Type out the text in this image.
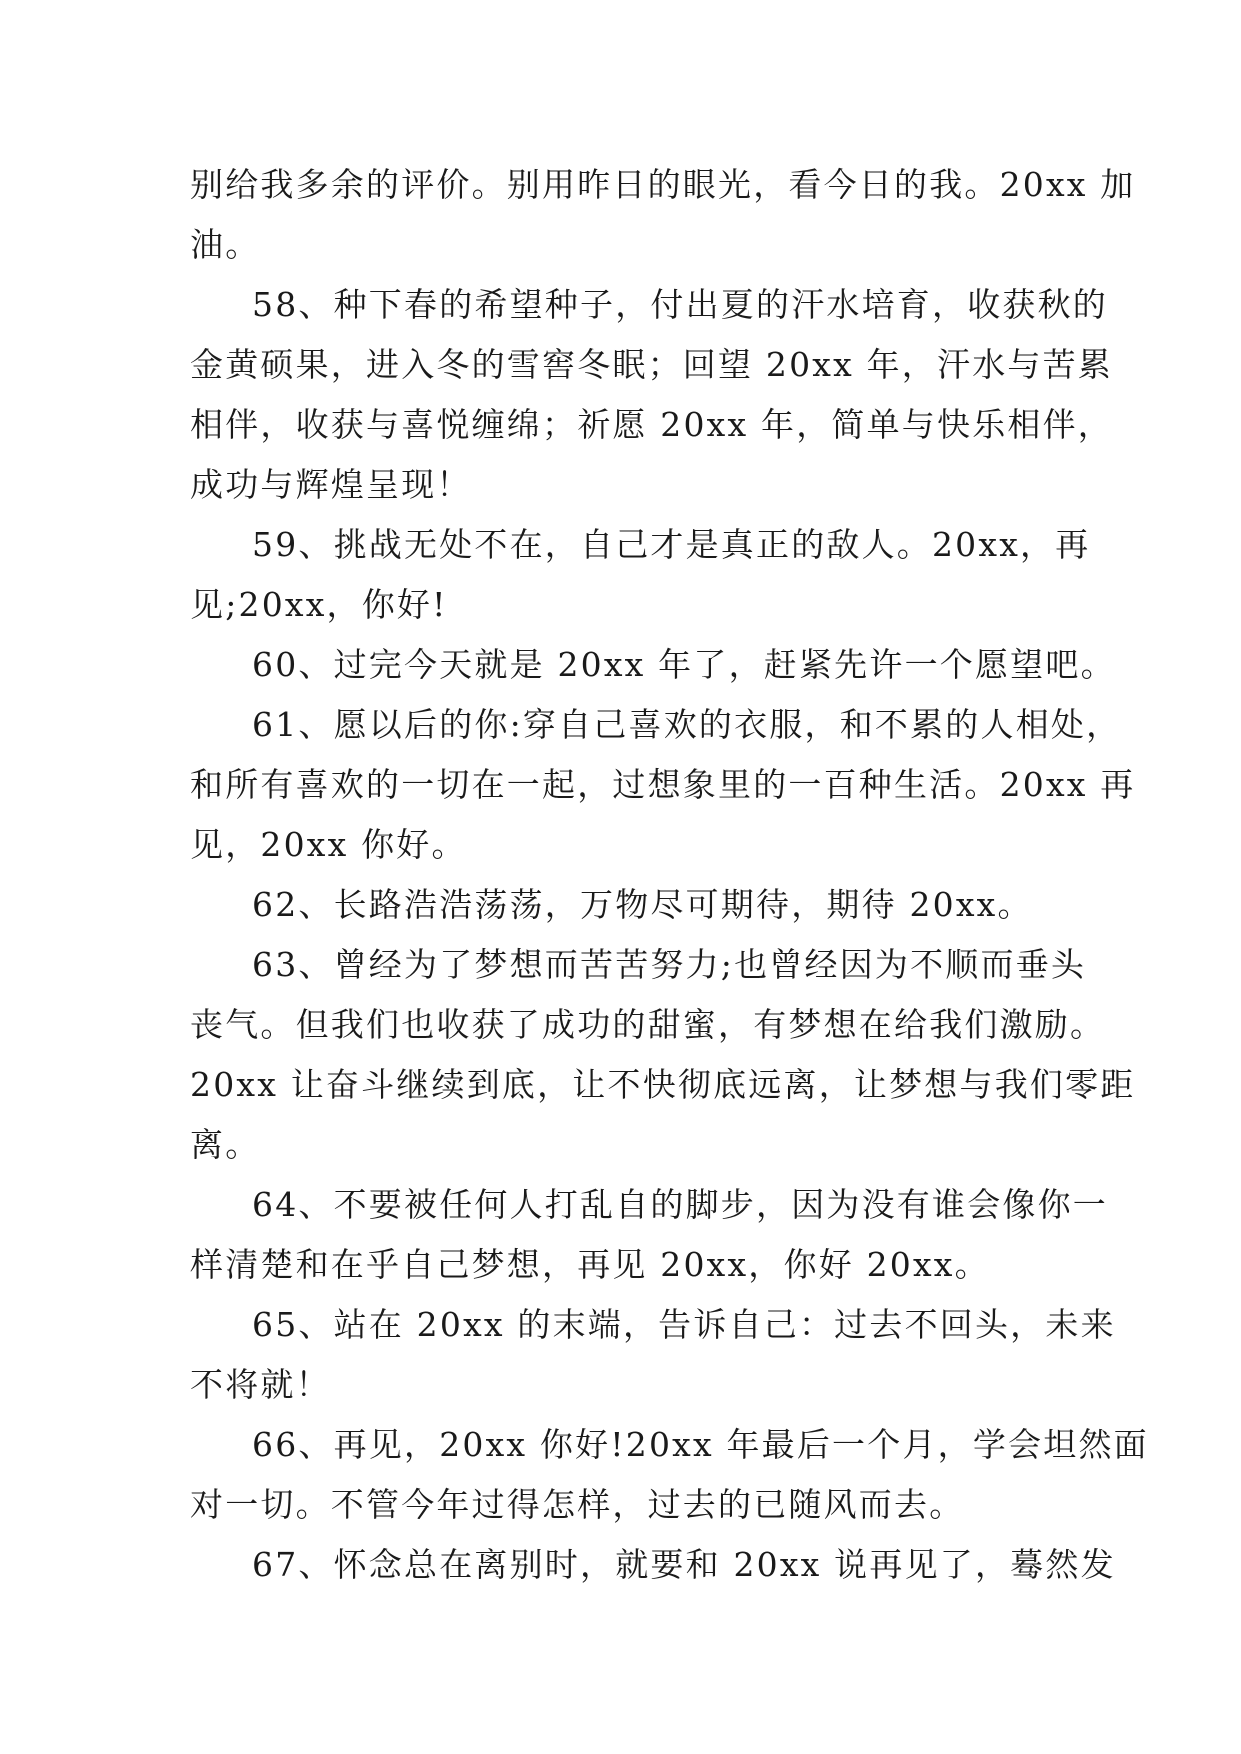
别给我多余的评价。别用昨日的眼光，看今日的我。20xx 加
油。
58、种下春的希望种子，付出夏的汗水培育，收获秋的
金黄硕果，进入冬的雪窖冬眠；回望 20xx 年，汗水与苦累
相伴，收获与喜悦缠绵；祈愿 20xx 年，简单与快乐相伴，
成功与辉煌呈现！
59、挑战无处不在，自己才是真正的敌人。20xx，再
见;20xx，你好!
60、过完今天就是 20xx 年了，赶紧先许一个愿望吧。
61、愿以后的你:穿自己喜欢的衣服，和不累的人相处，
和所有喜欢的一切在一起，过想象里的一百种生活。20xx 再
见，20xx 你好。
62、长路浩浩荡荡，万物尽可期待，期待 20xx。
63、曾经为了梦想而苦苦努力;也曾经因为不顺而垂头
丧气。但我们也收获了成功的甜蜜，有梦想在给我们激励。
20xx 让奋斗继续到底，让不快彻底远离，让梦想与我们零距
离。
64、不要被任何人打乱自的脚步，因为没有谁会像你一
样清楚和在乎自己梦想，再见 20xx，你好 20xx。
65、站在 20xx 的末端，告诉自己：过去不回头，未来
不将就！
66、再见，20xx 你好!20xx 年最后一个月，学会坦然面
对一切。不管今年过得怎样，过去的已随风而去。
67、怀念总在离别时，就要和 20xx 说再见了，蓦然发
